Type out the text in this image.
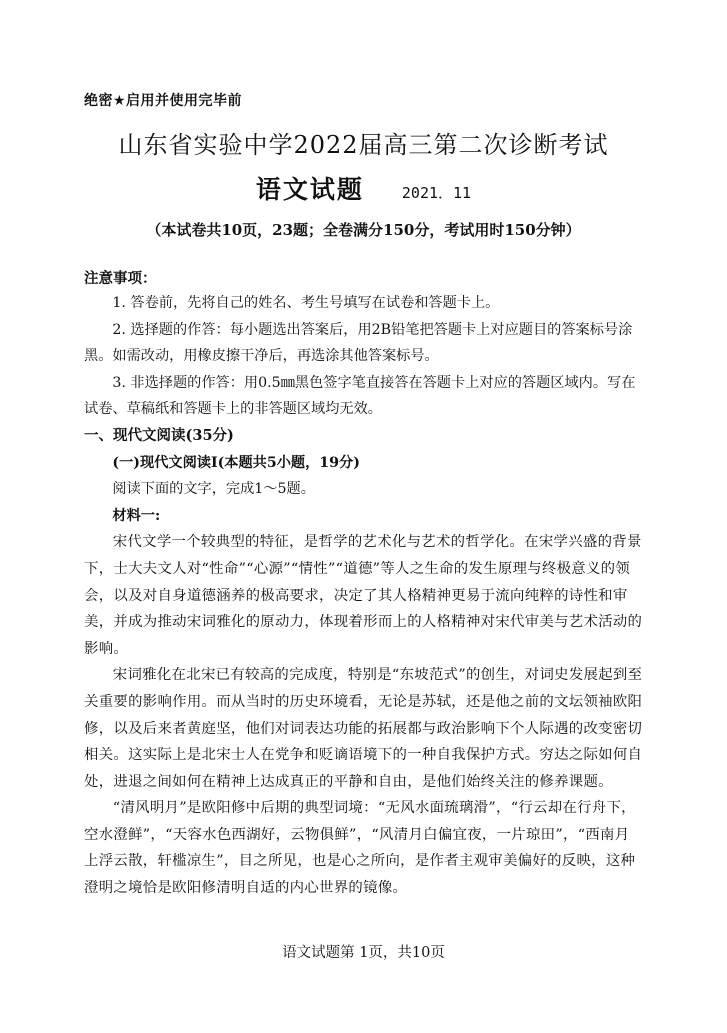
绝密★启用并使用完毕前
山东省实验中学2022届高三第二次诊断考试
语文试题	2021．11
（本试卷共10页，23题；全卷满分150分，考试用时150分钟）
注意事项：

1. 答卷前，先将自己的姓名、考生号填写在试卷和答题卡上。

2. 选择题的作答：每小题选出答案后，用2B铅笔把答题卡上对应题目的答案标号涂黑。如需改动，用橡皮擦干净后，再选涂其他答案标号。

3. 非选择题的作答：用0.5㎜黑色签字笔直接答在答题卡上对应的答题区域内。写在试卷、草稿纸和答题卡上的非答题区域均无效。

一、现代文阅读(35分)

(一)现代文阅读Ⅰ(本题共5小题，19分)

阅读下面的文字，完成1～5题。

材料一:

宋代文学一个较典型的特征，是哲学的艺术化与艺术的哲学化。在宋学兴盛的背景下，士大夫文人对“性命”“心源”“情性”“道德”等人之生命的发生原理与终极意义的领会，以及对自身道德涵养的极高要求，决定了其人格精神更易于流向纯粹的诗性和审美，并成为推动宋词雅化的原动力，体现着形而上的人格精神对宋代审美与艺术活动的影响。

宋词雅化在北宋已有较高的完成度，特别是“东坡范式”的创生，对词史发展起到至关重要的影响作用。而从当时的历史环境看，无论是苏轼，还是他之前的文坛领袖欧阳修，以及后来者黄庭坚，他们对词表达功能的拓展都与政治影响下个人际遇的改变密切相关。这实际上是北宋士人在党争和贬谪语境下的一种自我保护方式。穷达之际如何自处，进退之间如何在精神上达成真正的平静和自由，是他们始终关注的修养课题。

“清风明月”是欧阳修中后期的典型词境：“无风水面琉璃滑”，“行云却在行舟下，空水澄鲜”，“天容水色西湖好，云物俱鲜”，“风清月白偏宜夜，一片琼田”，“西南月上浮云散，轩槛凉生”，目之所见，也是心之所向，是作者主观审美偏好的反映，这种澄明之境恰是欧阳修清明自适的内心世界的镜像。

语文试题第 1页，共10页
